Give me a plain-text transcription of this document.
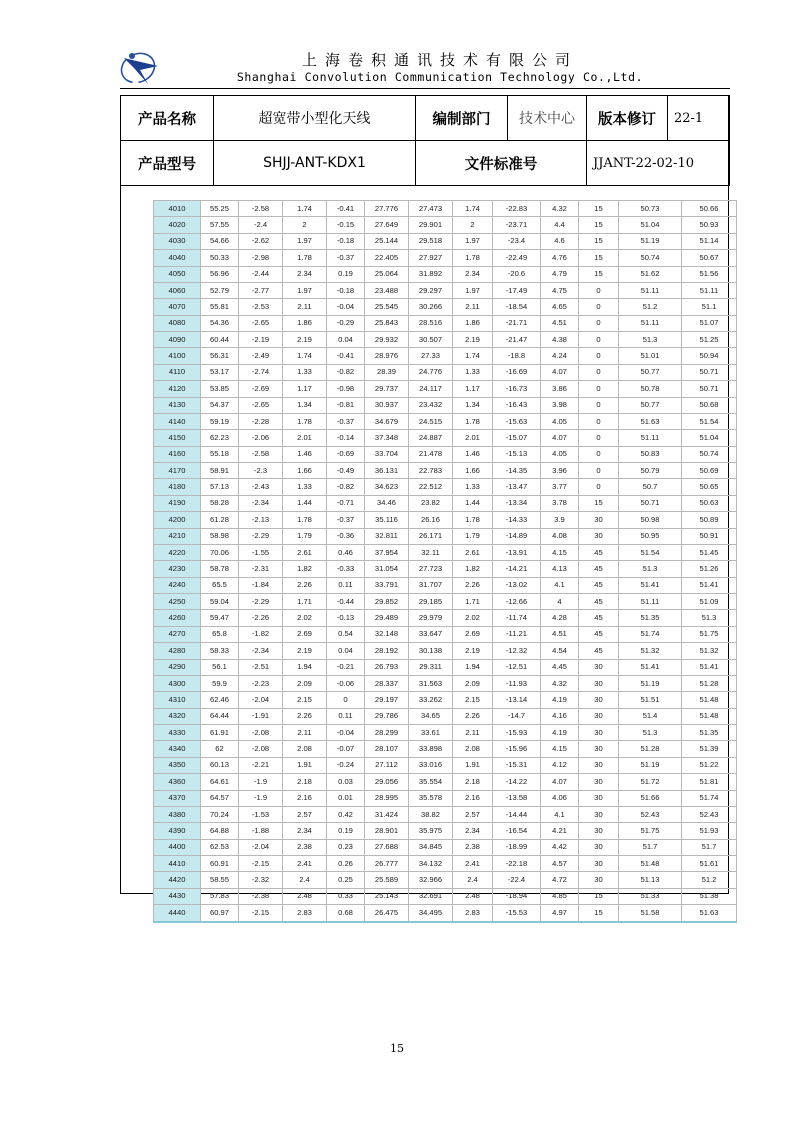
上海卷积通讯技术有限公司
Shanghai Convolution Communication Technology Co.,Ltd.
产品名称	超宽带小型化天线	编制部门	技术中心	版本修订	22-1
产品型号	SHJJ-ANT-KDX1	文件标准号		JJANT-22-02-10	
4010	55.25	-2.58	1.74	-0.41	27.776	27.473	1.74	-22.83	4.32	15	50.73	50.66
4020	57.55	-2.4	2	-0.15	27.649	29.901	2	-23.71	4.4	15	51.04	50.93
4030	54.66	-2.62	1.97	-0.18	25.144	29.518	1.97	-23.4	4.6	15	51.19	51.14
4040	50.33	-2.98	1.78	-0.37	22.405	27.927	1.78	-22.49	4.76	15	50.74	50.67
4050	56.96	-2.44	2.34	0.19	25.064	31.892	2.34	-20.6	4.79	15	51.62	51.56
4060	52.79	-2.77	1.97	-0.18	23.488	29.297	1.97	-17.49	4.75	0	51.11	51.11
4070	55.81	-2.53	2.11	-0.04	25.545	30.266	2.11	-18.54	4.65	0	51.2	51.1
4080	54.36	-2.65	1.86	-0.29	25.843	28.516	1.86	-21.71	4.51	0	51.11	51.07
4090	60.44	-2.19	2.19	0.04	29.932	30.507	2.19	-21.47	4.38	0	51.3	51.25
4100	56.31	-2.49	1.74	-0.41	28.976	27.33	1.74	-18.8	4.24	0	51.01	50.94
4110	53.17	-2.74	1.33	-0.82	28.39	24.776	1.33	-16.69	4.07	0	50.77	50.71
4120	53.85	-2.69	1.17	-0.98	29.737	24.117	1.17	-16.73	3.86	0	50.78	50.71
4130	54.37	-2.65	1.34	-0.81	30.937	23.432	1.34	-16.43	3.98	0	50.77	50.68
4140	59.19	-2.28	1.78	-0.37	34.679	24.515	1.78	-15.63	4.05	0	51.63	51.54
4150	62.23	-2.06	2.01	-0.14	37.348	24.887	2.01	-15.07	4.07	0	51.11	51.04
4160	55.18	-2.58	1.46	-0.69	33.704	21.478	1.46	-15.13	4.05	0	50.83	50.74
4170	58.91	-2.3	1.66	-0.49	36.131	22.783	1.66	-14.35	3.96	0	50.79	50.69
4180	57.13	-2.43	1.33	-0.82	34.623	22.512	1.33	-13.47	3.77	0	50.7	50.65
4190	58.28	-2.34	1.44	-0.71	34.46	23.82	1.44	-13.34	3.78	15	50.71	50.63
4200	61.28	-2.13	1.78	-0.37	35.116	26.16	1.78	-14.33	3.9	30	50.98	50.89
4210	58.98	-2.29	1.79	-0.36	32.811	26.171	1.79	-14.89	4.08	30	50.95	50.91
4220	70.06	-1.55	2.61	0.46	37.954	32.11	2.61	-13.91	4.15	45	51.54	51.45
4230	58.78	-2.31	1.82	-0.33	31.054	27.723	1.82	-14.21	4.13	45	51.3	51.26
4240	65.5	-1.84	2.26	0.11	33.791	31.707	2.26	-13.02	4.1	45	51.41	51.41
4250	59.04	-2.29	1.71	-0.44	29.852	29.185	1.71	-12.66	4	45	51.11	51.09
4260	59.47	-2.26	2.02	-0.13	29.489	29.979	2.02	-11.74	4.28	45	51.35	51.3
4270	65.8	-1.82	2.69	0.54	32.148	33.647	2.69	-11.21	4.51	45	51.74	51.75
4280	58.33	-2.34	2.19	0.04	28.192	30.138	2.19	-12.32	4.54	45	51.32	51.32
4290	56.1	-2.51	1.94	-0.21	26.793	29.311	1.94	-12.51	4.45	30	51.41	51.41
4300	59.9	-2.23	2.09	-0.06	28.337	31.563	2.09	-11.93	4.32	30	51.19	51.28
4310	62.46	-2.04	2.15	0	29.197	33.262	2.15	-13.14	4.19	30	51.51	51.48
4320	64.44	-1.91	2.26	0.11	29.786	34.65	2.26	-14.7	4.16	30	51.4	51.48
4330	61.91	-2.08	2.11	-0.04	28.299	33.61	2.11	-15.93	4.19	30	51.3	51.35
4340	62	-2.08	2.08	-0.07	28.107	33.898	2.08	-15.96	4.15	30	51.28	51.39
4350	60.13	-2.21	1.91	-0.24	27.112	33.016	1.91	-15.31	4.12	30	51.19	51.22
4360	64.61	-1.9	2.18	0.03	29.056	35.554	2.18	-14.22	4.07	30	51.72	51.81
4370	64.57	-1.9	2.16	0.01	28.995	35.578	2.16	-13.58	4.06	30	51.66	51.74
4380	70.24	-1.53	2.57	0.42	31.424	38.82	2.57	-14.44	4.1	30	52.43	52.43
4390	64.88	-1.88	2.34	0.19	28.901	35.975	2.34	-16.54	4.21	30	51.75	51.93
4400	62.53	-2.04	2.38	0.23	27.688	34.845	2.38	-18.99	4.42	30	51.7	51.7
4410	60.91	-2.15	2.41	0.26	26.777	34.132	2.41	-22.18	4.57	30	51.48	51.61
4420	58.55	-2.32	2.4	0.25	25.589	32.966	2.4	-22.4	4.72	30	51.13	51.2
4430	57.83	-2.38	2.48	0.33	25.143	32.691	2.48	-18.94	4.85	15	51.33	51.38
4440	60.97	-2.15	2.83	0.68	26.475	34.495	2.83	-15.53	4.97	15	51.58	51.63
15
